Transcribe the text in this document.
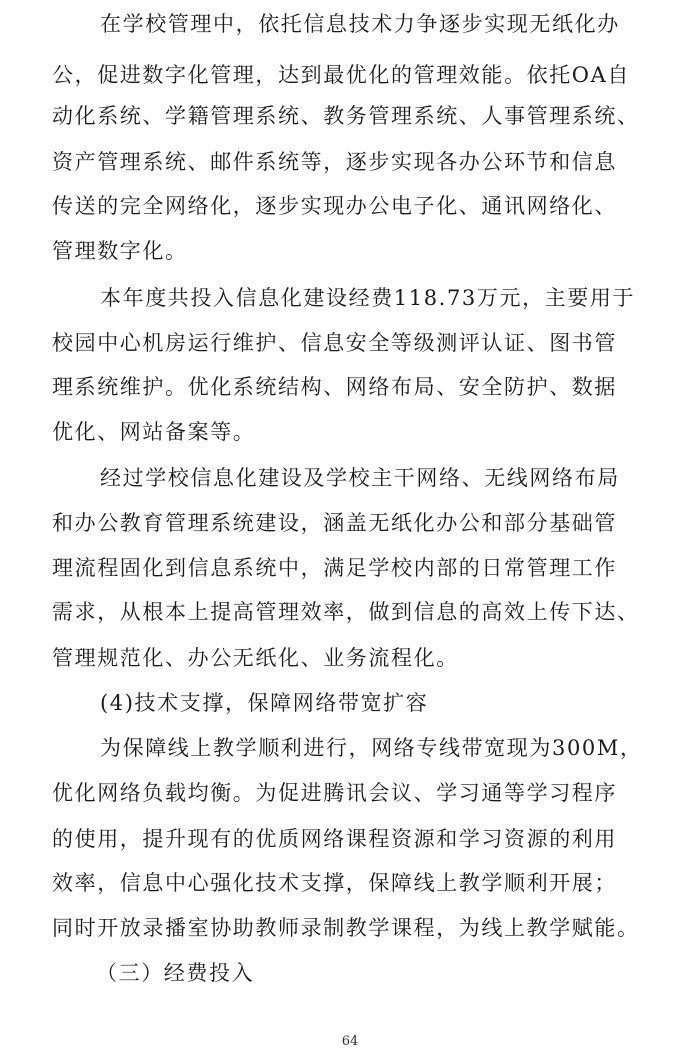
在学校管理中，依托信息技术力争逐步实现无纸化办
公，促进数字化管理，达到最优化的管理效能。依托OA自
动化系统、学籍管理系统、教务管理系统、人事管理系统、
资产管理系统、邮件系统等，逐步实现各办公环节和信息
传送的完全网络化，逐步实现办公电子化、通讯网络化、
管理数字化。
本年度共投入信息化建设经费118.73万元，主要用于
校园中心机房运行维护、信息安全等级测评认证、图书管
理系统维护。优化系统结构、网络布局、安全防护、数据
优化、网站备案等。
经过学校信息化建设及学校主干网络、无线网络布局
和办公教育管理系统建设，涵盖无纸化办公和部分基础管
理流程固化到信息系统中，满足学校内部的日常管理工作
需求，从根本上提高管理效率，做到信息的高效上传下达、
管理规范化、办公无纸化、业务流程化。
(4)技术支撑，保障网络带宽扩容
为保障线上教学顺利进行，网络专线带宽现为300M，
优化网络负载均衡。为促进腾讯会议、学习通等学习程序
的使用，提升现有的优质网络课程资源和学习资源的利用
效率，信息中心强化技术支撑，保障线上教学顺利开展；
同时开放录播室协助教师录制教学课程，为线上教学赋能。
（三）经费投入
64
